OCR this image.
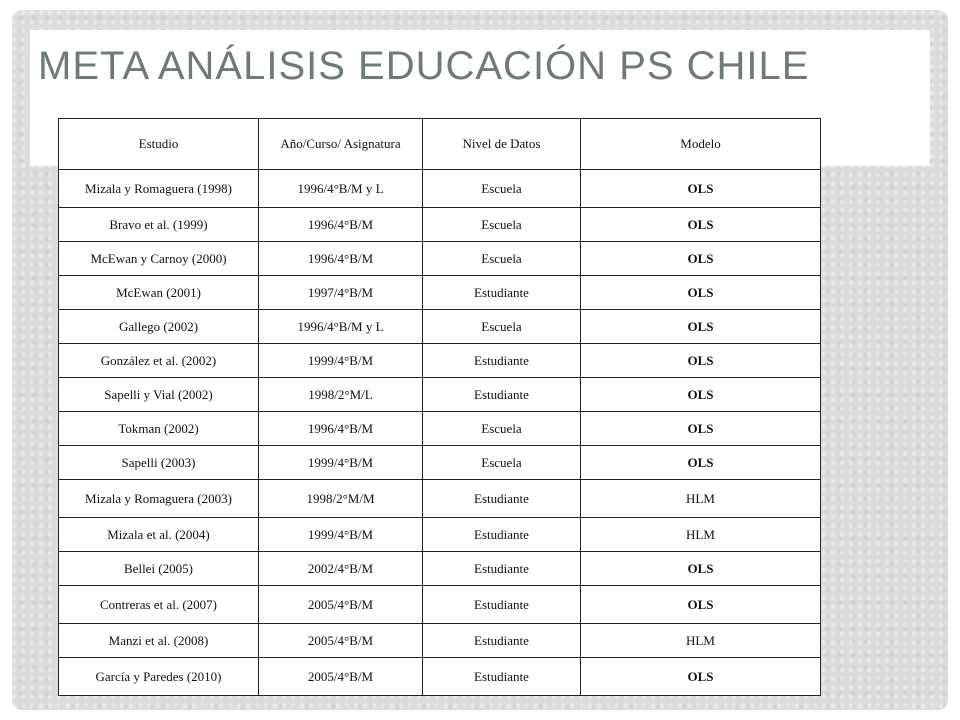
META ANÁLISIS EDUCACIÓN PS CHILE
Estudio	Año/Curso/ Asignatura	Nivel de Datos	Modelo
Mizala y Romaguera (1998)	1996/4°B/M y L	Escuela	OLS
Bravo et al. (1999)	1996/4°B/M	Escuela	OLS
McEwan y Carnoy (2000)	1996/4°B/M	Escuela	OLS
McEwan (2001)	1997/4°B/M	Estudiante	OLS
Gallego (2002)	1996/4°B/M y L	Escuela	OLS
González et al. (2002)	1999/4°B/M	Estudiante	OLS
Sapelli y Vial (2002)	1998/2°M/L	Estudiante	OLS
Tokman (2002)	1996/4°B/M	Escuela	OLS
Sapelli (2003)	1999/4°B/M	Escuela	OLS
Mizala y Romaguera (2003)	1998/2°M/M	Estudiante	HLM
Mizala et al. (2004)	1999/4°B/M	Estudiante	HLM
Bellei (2005)	2002/4°B/M	Estudiante	OLS
Contreras et al. (2007)	2005/4°B/M	Estudiante	OLS
Manzi et al. (2008)	2005/4°B/M	Estudiante	HLM
García y Paredes (2010)	2005/4°B/M	Estudiante	OLS
